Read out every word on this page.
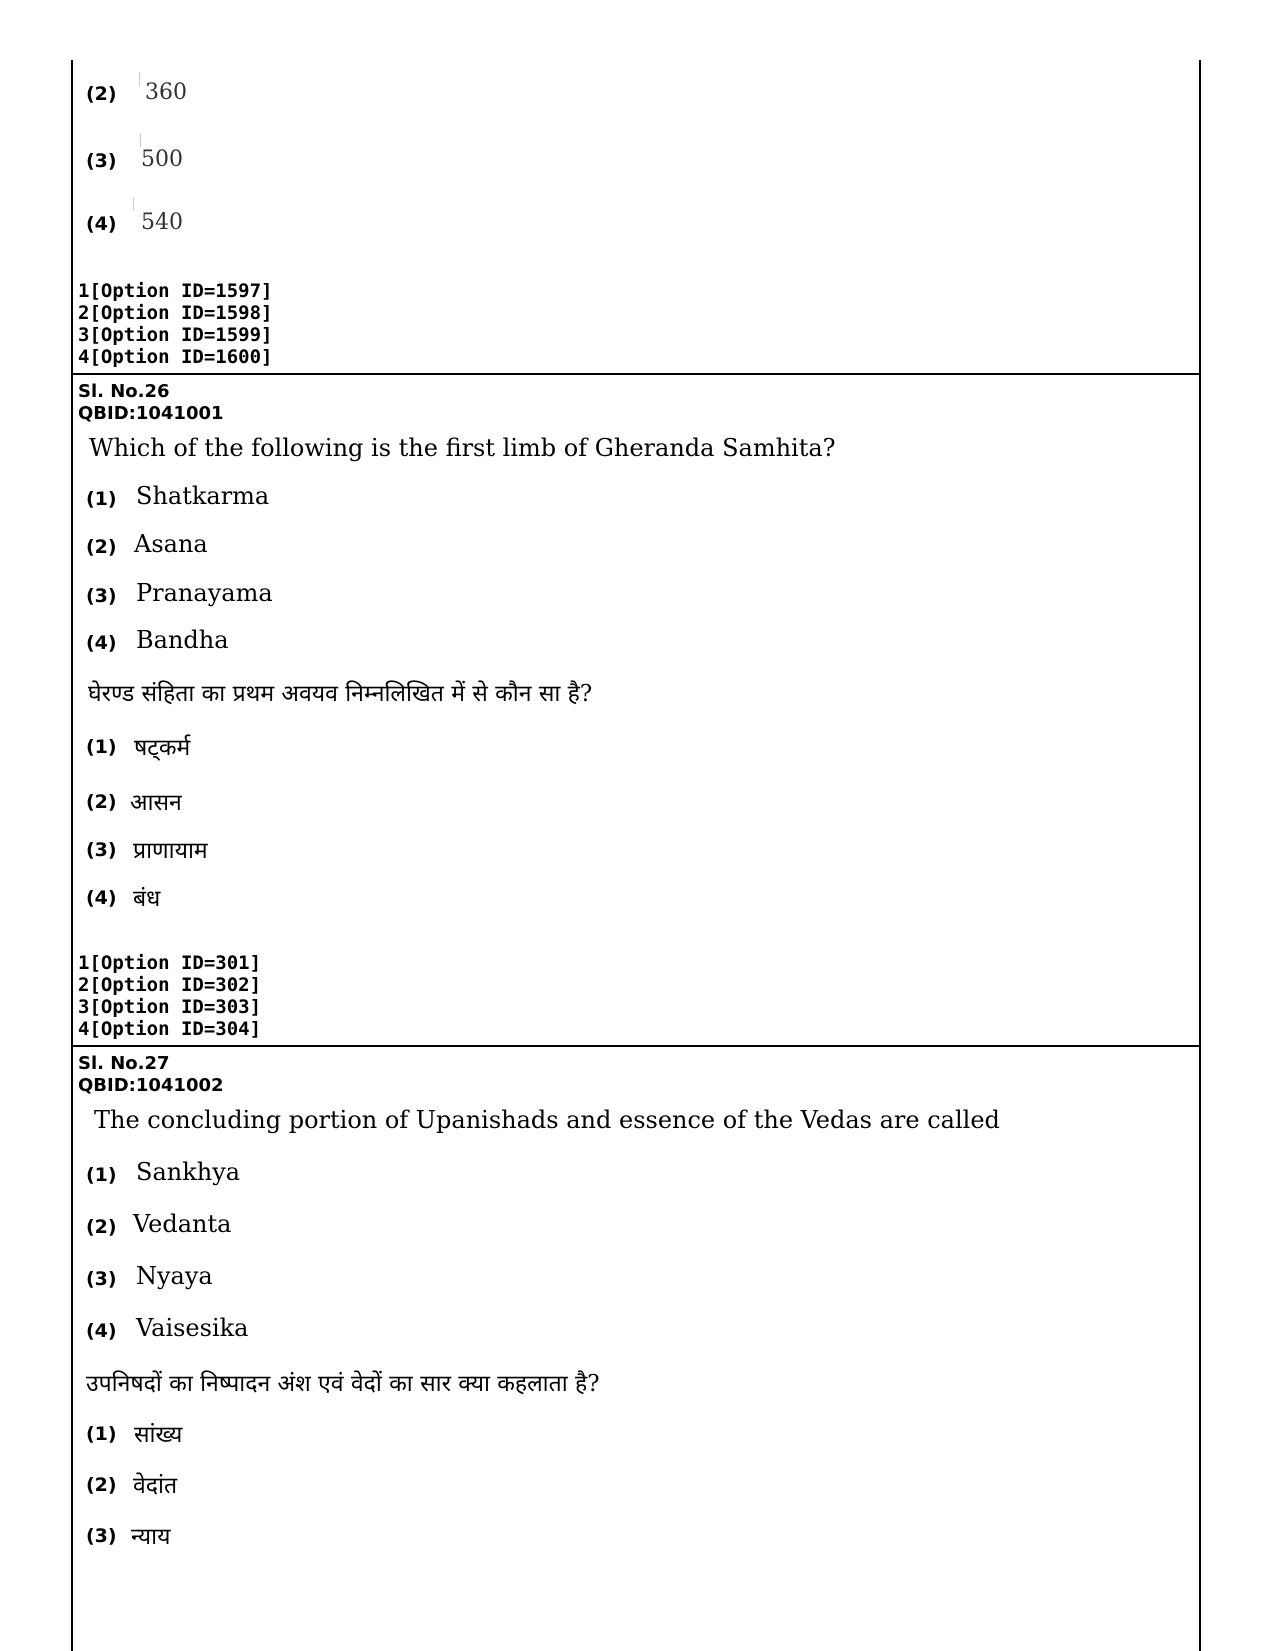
(2) 360
(3) 500
(4) 540
1[Option ID=1597]
2[Option ID=1598]
3[Option ID=1599]
4[Option ID=1600]
Sl. No.26
QBID:1041001
Which of the following is the first limb of Gheranda Samhita?
(1) Shatkarma
(2) Asana
(3) Pranayama
(4) Bandha
घेरण्ड संहिता का प्रथम अवयव निम्नलिखित में से कौन सा है?
(1) षट्कर्म
(2) आसन
(3) प्राणायाम
(4) बंध
1[Option ID=301]
2[Option ID=302]
3[Option ID=303]
4[Option ID=304]
Sl. No.27
QBID:1041002
The concluding portion of Upanishads and essence of the Vedas are called
(1) Sankhya
(2) Vedanta
(3) Nyaya
(4) Vaisesika
उपनिषदों का निष्पादन अंश एवं वेदों का सार क्या कहलाता है?
(1) सांख्य
(2) वेदांत
(3) न्याय
